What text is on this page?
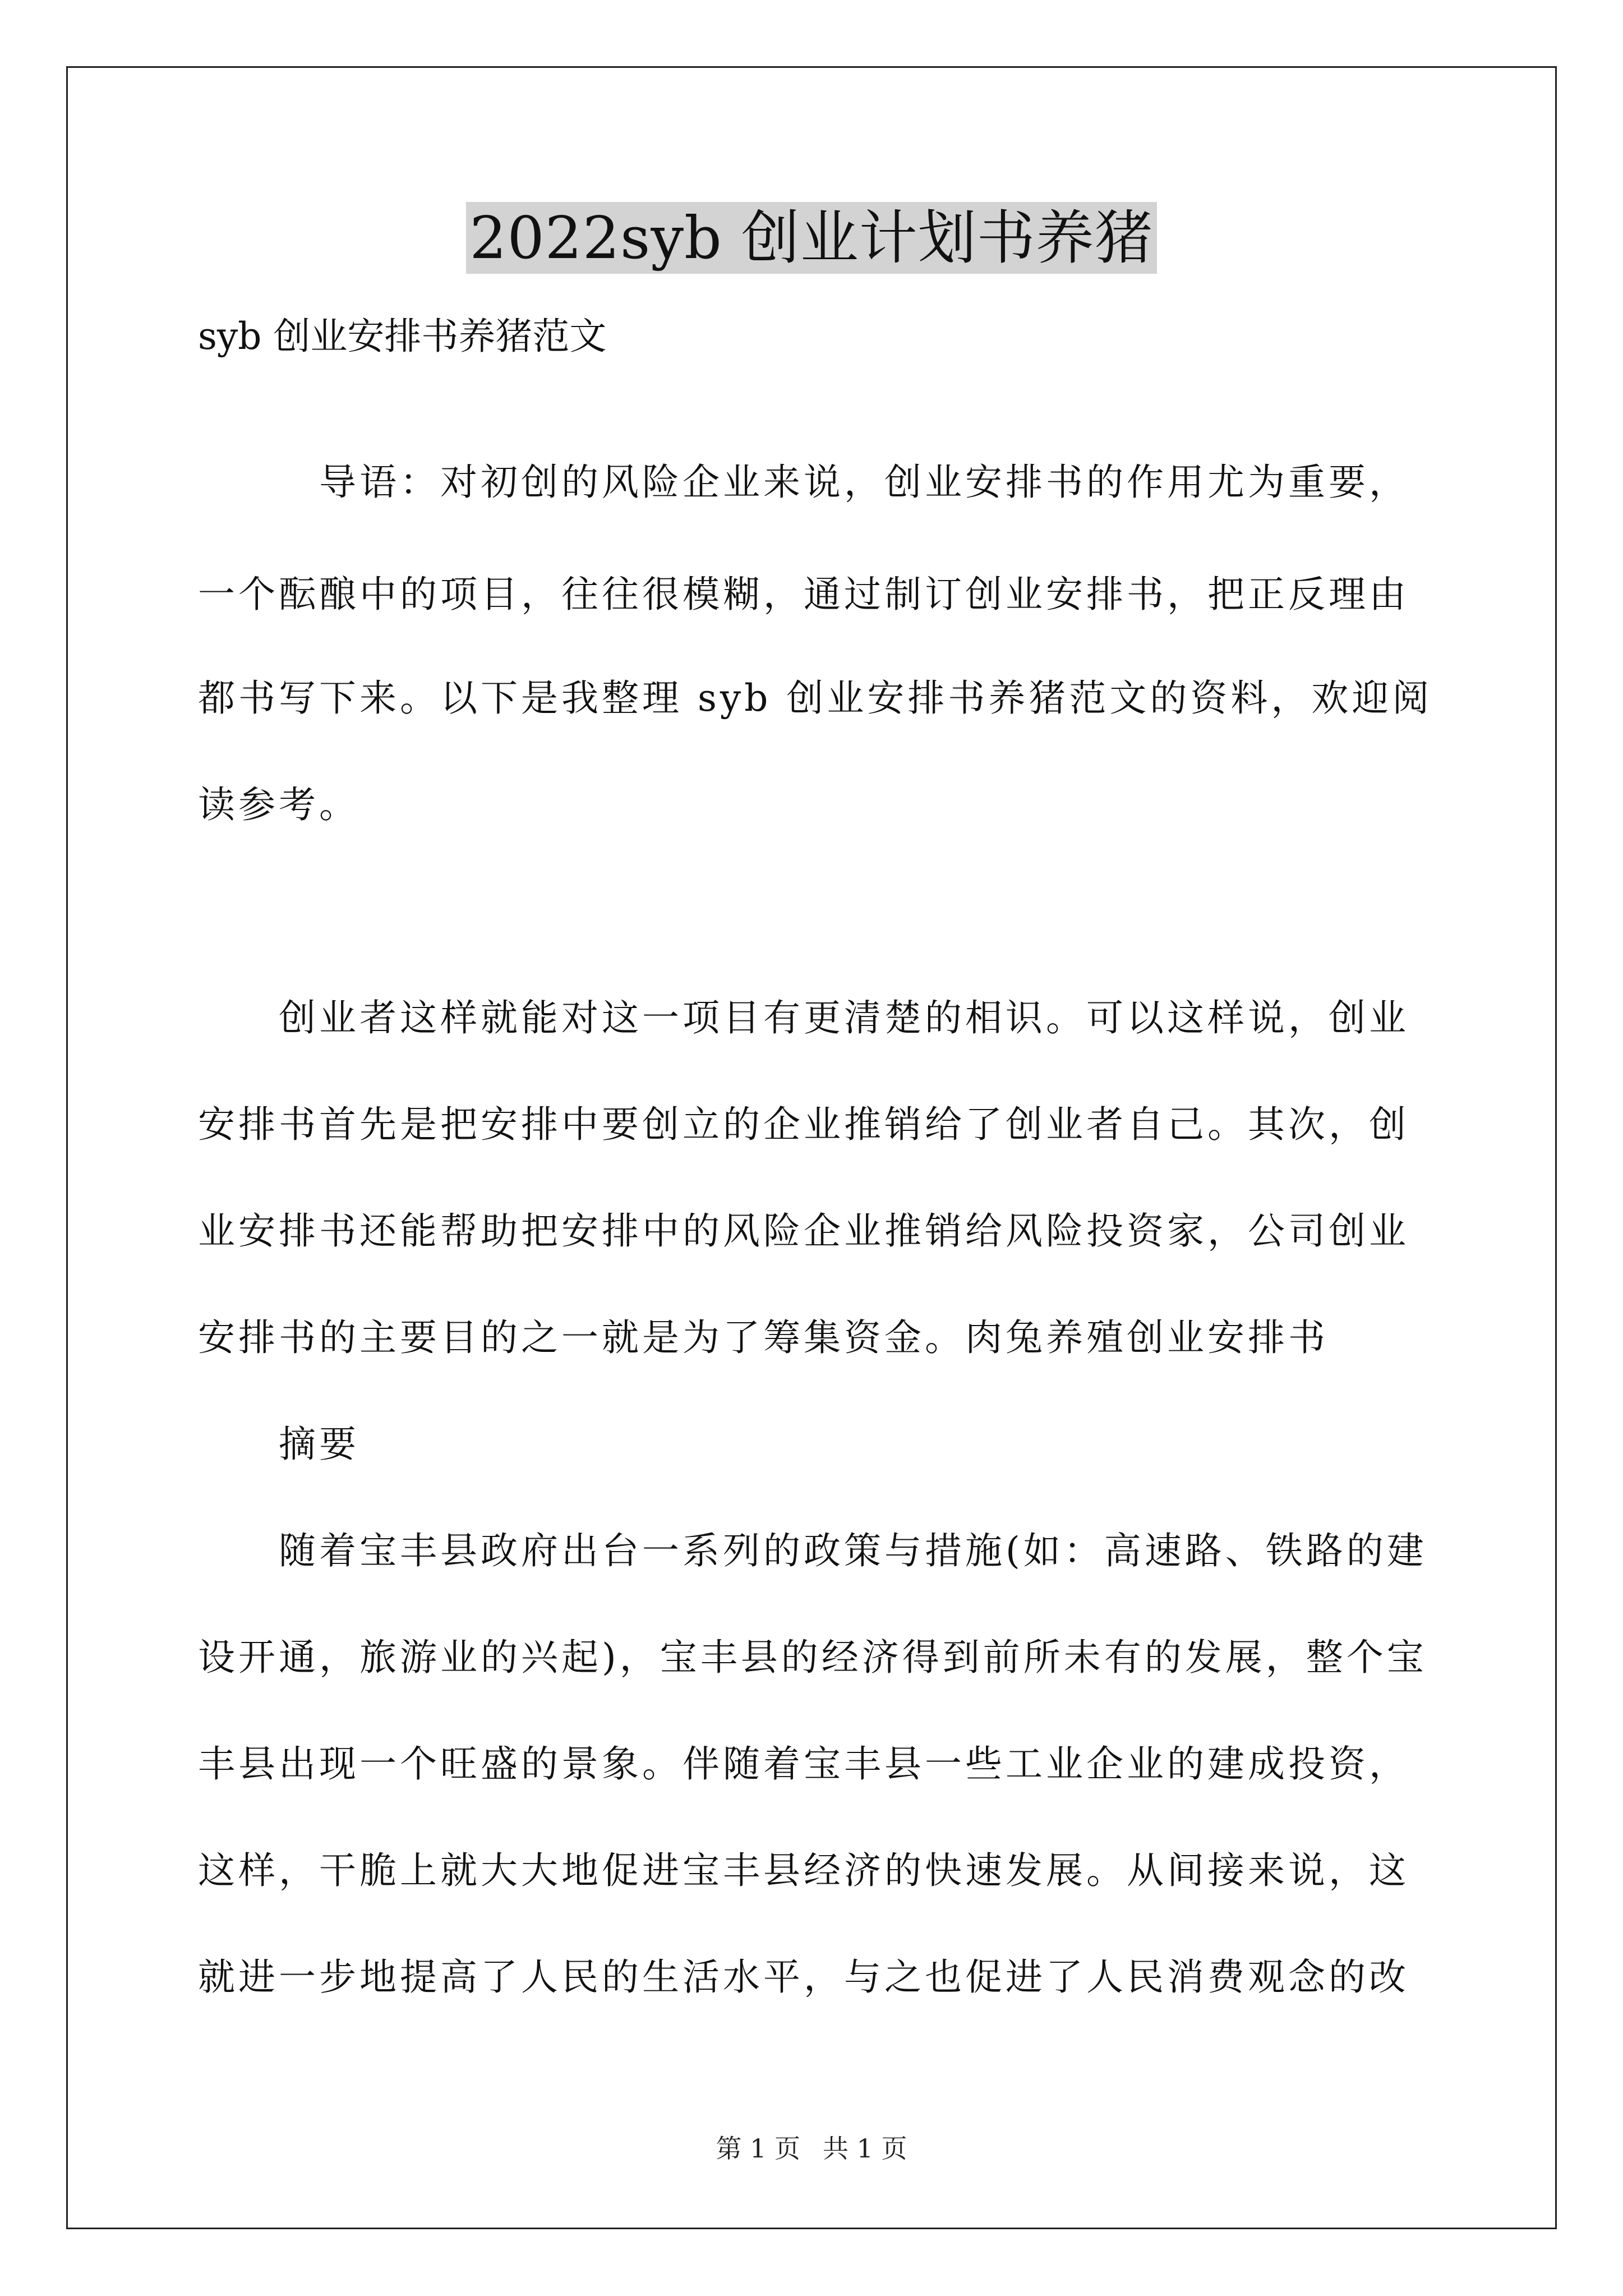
2022syb 创业计划书养猪
syb 创业安排书养猪范文
　　　导语：对初创的风险企业来说，创业安排书的作用尤为重要，
一个酝酿中的项目，往往很模糊，通过制订创业安排书，把正反理由
都书写下来。以下是我整理 syb 创业安排书养猪范文的资料，欢迎阅
读参考。
　　创业者这样就能对这一项目有更清楚的相识。可以这样说，创业
安排书首先是把安排中要创立的企业推销给了创业者自己。其次，创
业安排书还能帮助把安排中的风险企业推销给风险投资家，公司创业
安排书的主要目的之一就是为了筹集资金。肉兔养殖创业安排书
　　摘要
　　随着宝丰县政府出台一系列的政策与措施(如：高速路、铁路的建
设开通，旅游业的兴起)，宝丰县的经济得到前所未有的发展，整个宝
丰县出现一个旺盛的景象。伴随着宝丰县一些工业企业的建成投资，
这样，干脆上就大大地促进宝丰县经济的快速发展。从间接来说，这
就进一步地提高了人民的生活水平，与之也促进了人民消费观念的改
第 1 页 共 1 页
